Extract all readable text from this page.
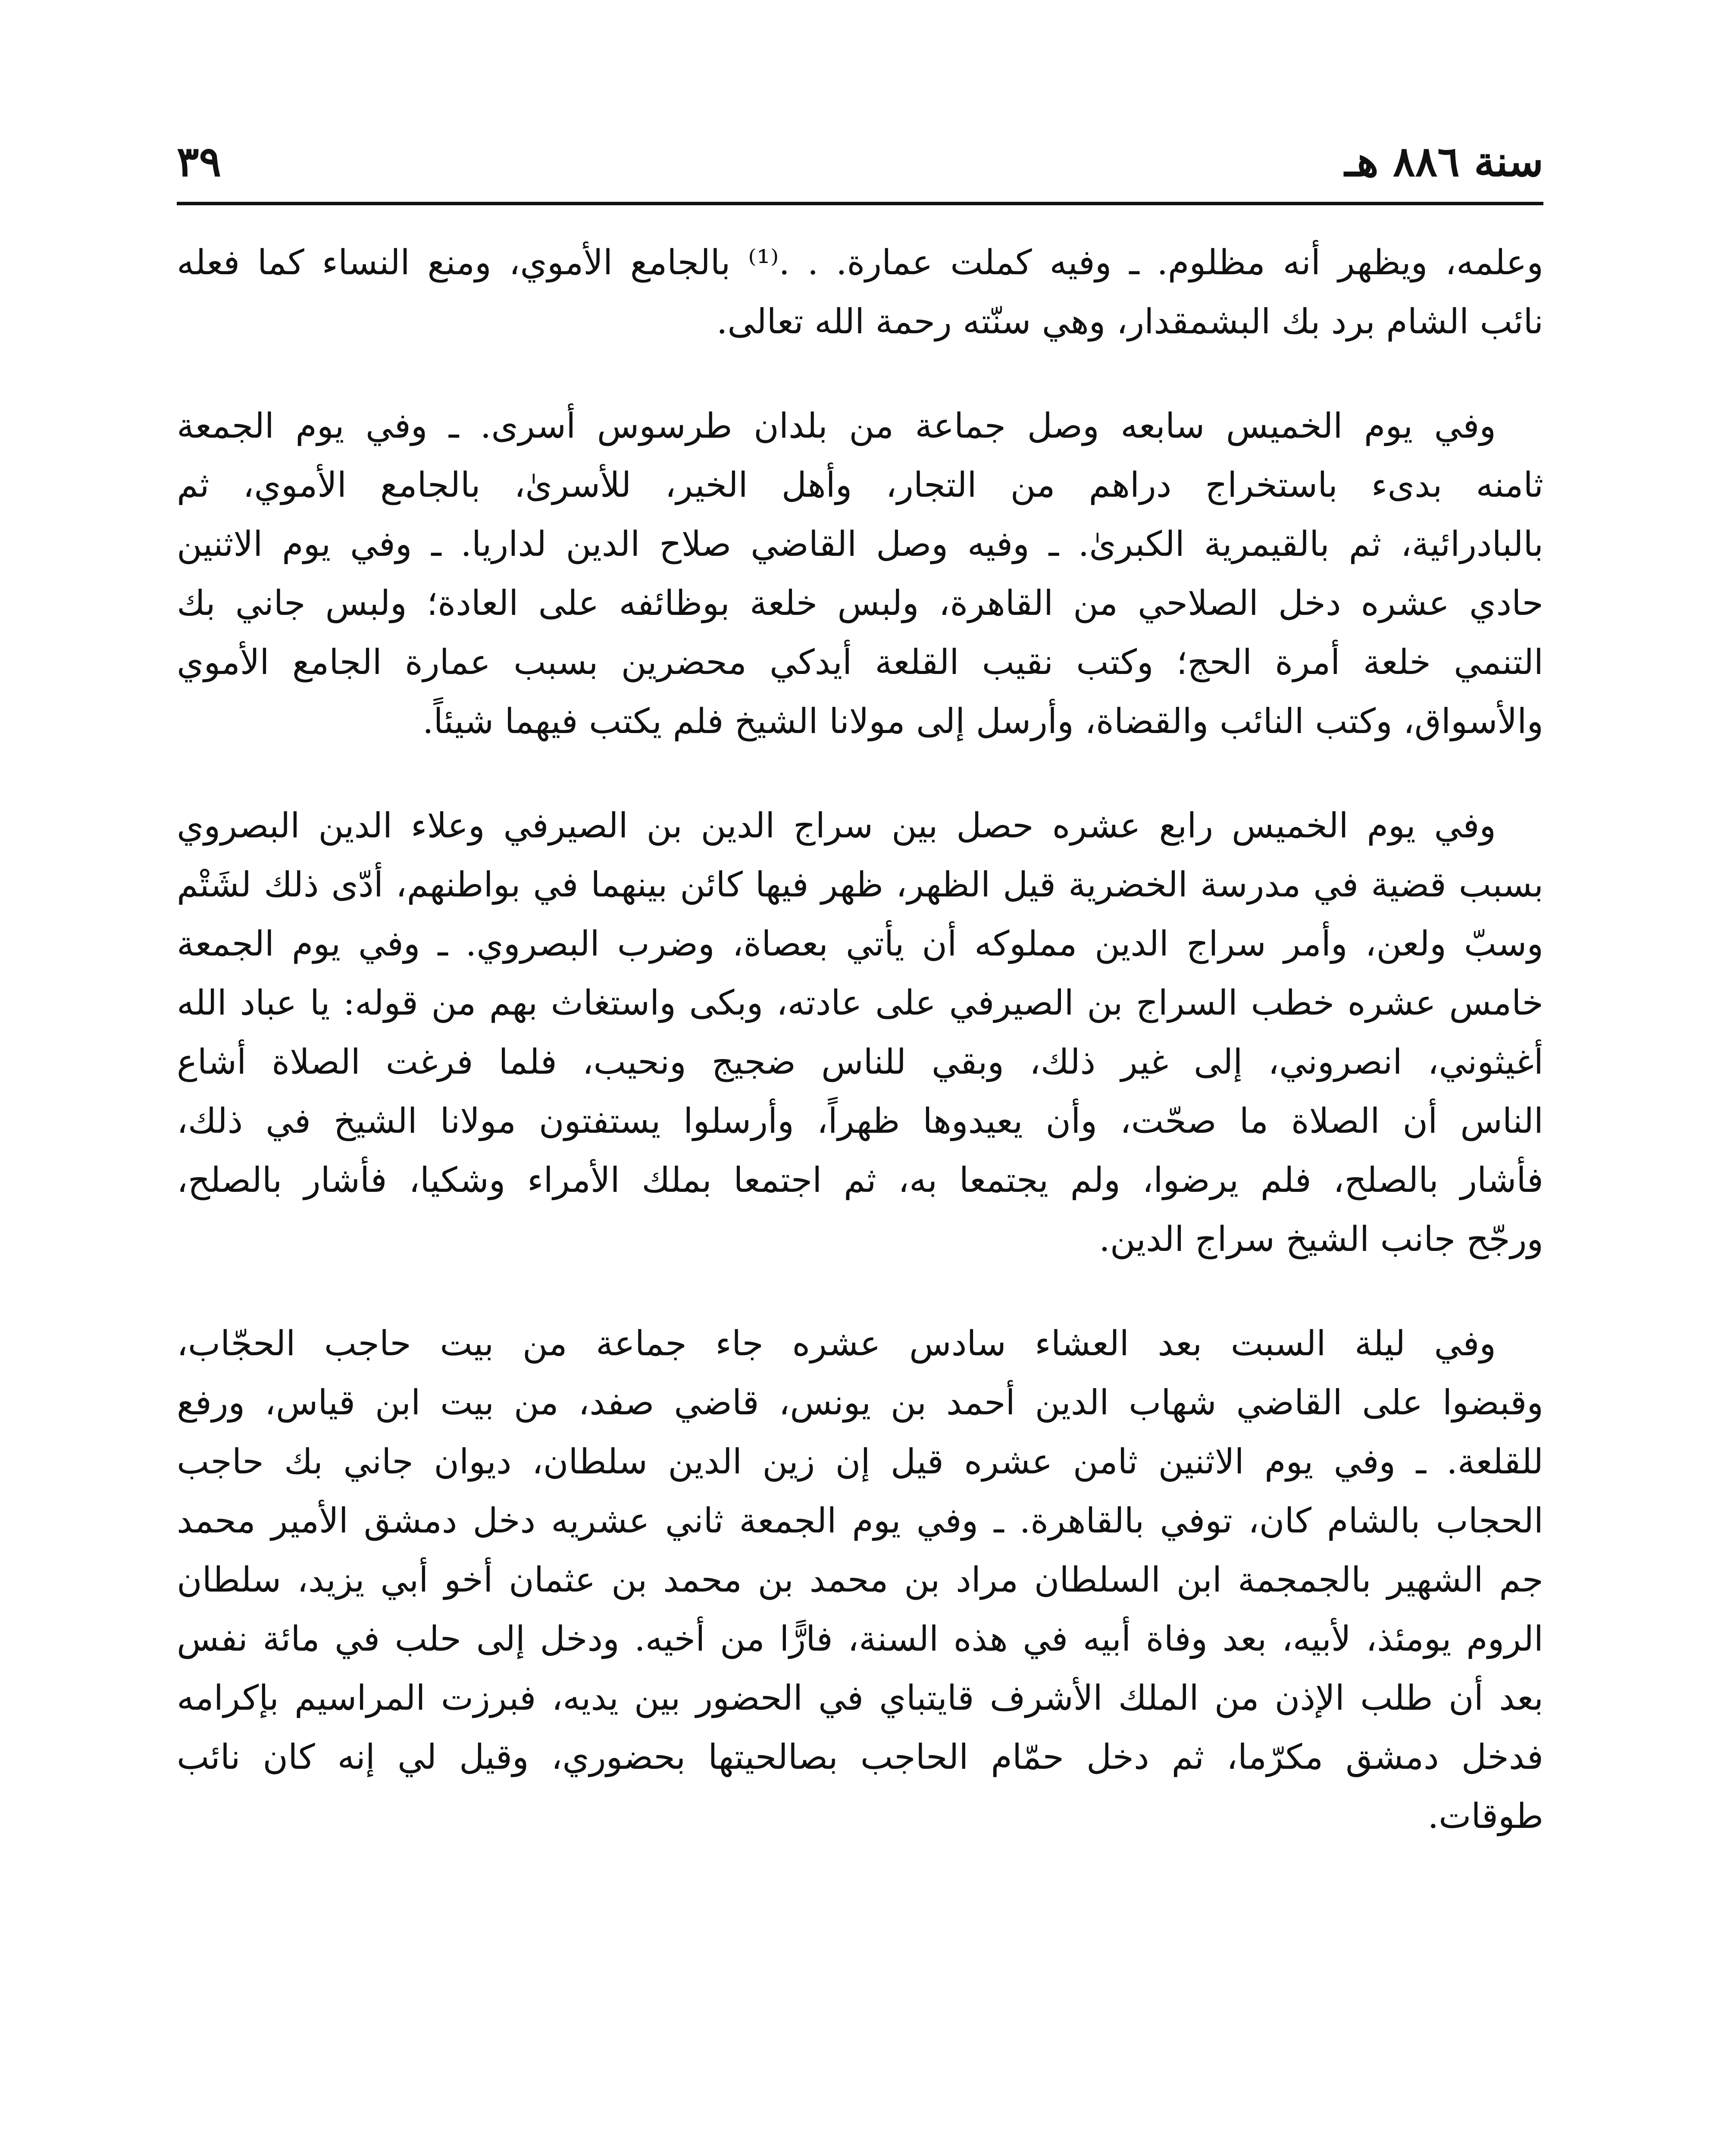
سنة ٨٨٦ هـ
٣٩
وعلمه، ويظهر أنه مظلوم. ـ وفيه كملت عمارة. . .⁽¹⁾ بالجامع الأموي، ومنع النساء كما فعله
نائب الشام برد بك البشمقدار، وهي سنّته رحمة الله تعالى.
وفي يوم الخميس سابعه وصل جماعة من بلدان طرسوس أسرى. ـ وفي يوم الجمعة
ثامنه بدىء باستخراج دراهم من التجار، وأهل الخير، للأسرىٰ، بالجامع الأموي، ثم
بالبادرائية، ثم بالقيمرية الكبرىٰ. ـ وفيه وصل القاضي صلاح الدين لداريا. ـ وفي يوم الاثنين
حادي عشره دخل الصلاحي من القاهرة، ولبس خلعة بوظائفه على العادة؛ ولبس جاني بك
التنمي خلعة أمرة الحج؛ وكتب نقيب القلعة أيدكي محضرين بسبب عمارة الجامع الأموي
والأسواق، وكتب النائب والقضاة، وأرسل إلى مولانا الشيخ فلم يكتب فيهما شيئاً.
وفي يوم الخميس رابع عشره حصل بين سراج الدين بن الصيرفي وعلاء الدين البصروي
بسبب قضية في مدرسة الخضرية قيل الظهر، ظهر فيها كائن بينهما في بواطنهم، أدّى ذلك لشَتْم
وسبّ ولعن، وأمر سراج الدين مملوكه أن يأتي بعصاة، وضرب البصروي. ـ وفي يوم الجمعة
خامس عشره خطب السراج بن الصيرفي على عادته، وبكى واستغاث بهم من قوله: يا عباد الله
أغيثوني، انصروني، إلى غير ذلك، وبقي للناس ضجيج ونحيب، فلما فرغت الصلاة أشاع
الناس أن الصلاة ما صحّت، وأن يعيدوها ظهراً، وأرسلوا يستفتون مولانا الشيخ في ذلك،
فأشار بالصلح، فلم يرضوا، ولم يجتمعا به، ثم اجتمعا بملك الأمراء وشكيا، فأشار بالصلح،
ورجّح جانب الشيخ سراج الدين.
وفي ليلة السبت بعد العشاء سادس عشره جاء جماعة من بيت حاجب الحجّاب،
وقبضوا على القاضي شهاب الدين أحمد بن يونس، قاضي صفد، من بيت ابن قياس، ورفع
للقلعة. ـ وفي يوم الاثنين ثامن عشره قيل إن زين الدين سلطان، ديوان جاني بك حاجب
الحجاب بالشام كان، توفي بالقاهرة. ـ وفي يوم الجمعة ثاني عشريه دخل دمشق الأمير محمد
جم الشهير بالجمجمة ابن السلطان مراد بن محمد بن محمد بن عثمان أخو أبي يزيد، سلطان
الروم يومئذ، لأبيه، بعد وفاة أبيه في هذه السنة، فارًّا من أخيه. ودخل إلى حلب في مائة نفس
بعد أن طلب الإذن من الملك الأشرف قايتباي في الحضور بين يديه، فبرزت المراسيم بإكرامه
فدخل دمشق مكرّما، ثم دخل حمّام الحاجب بصالحيتها بحضوري، وقيل لي إنه كان نائب
طوقات.
